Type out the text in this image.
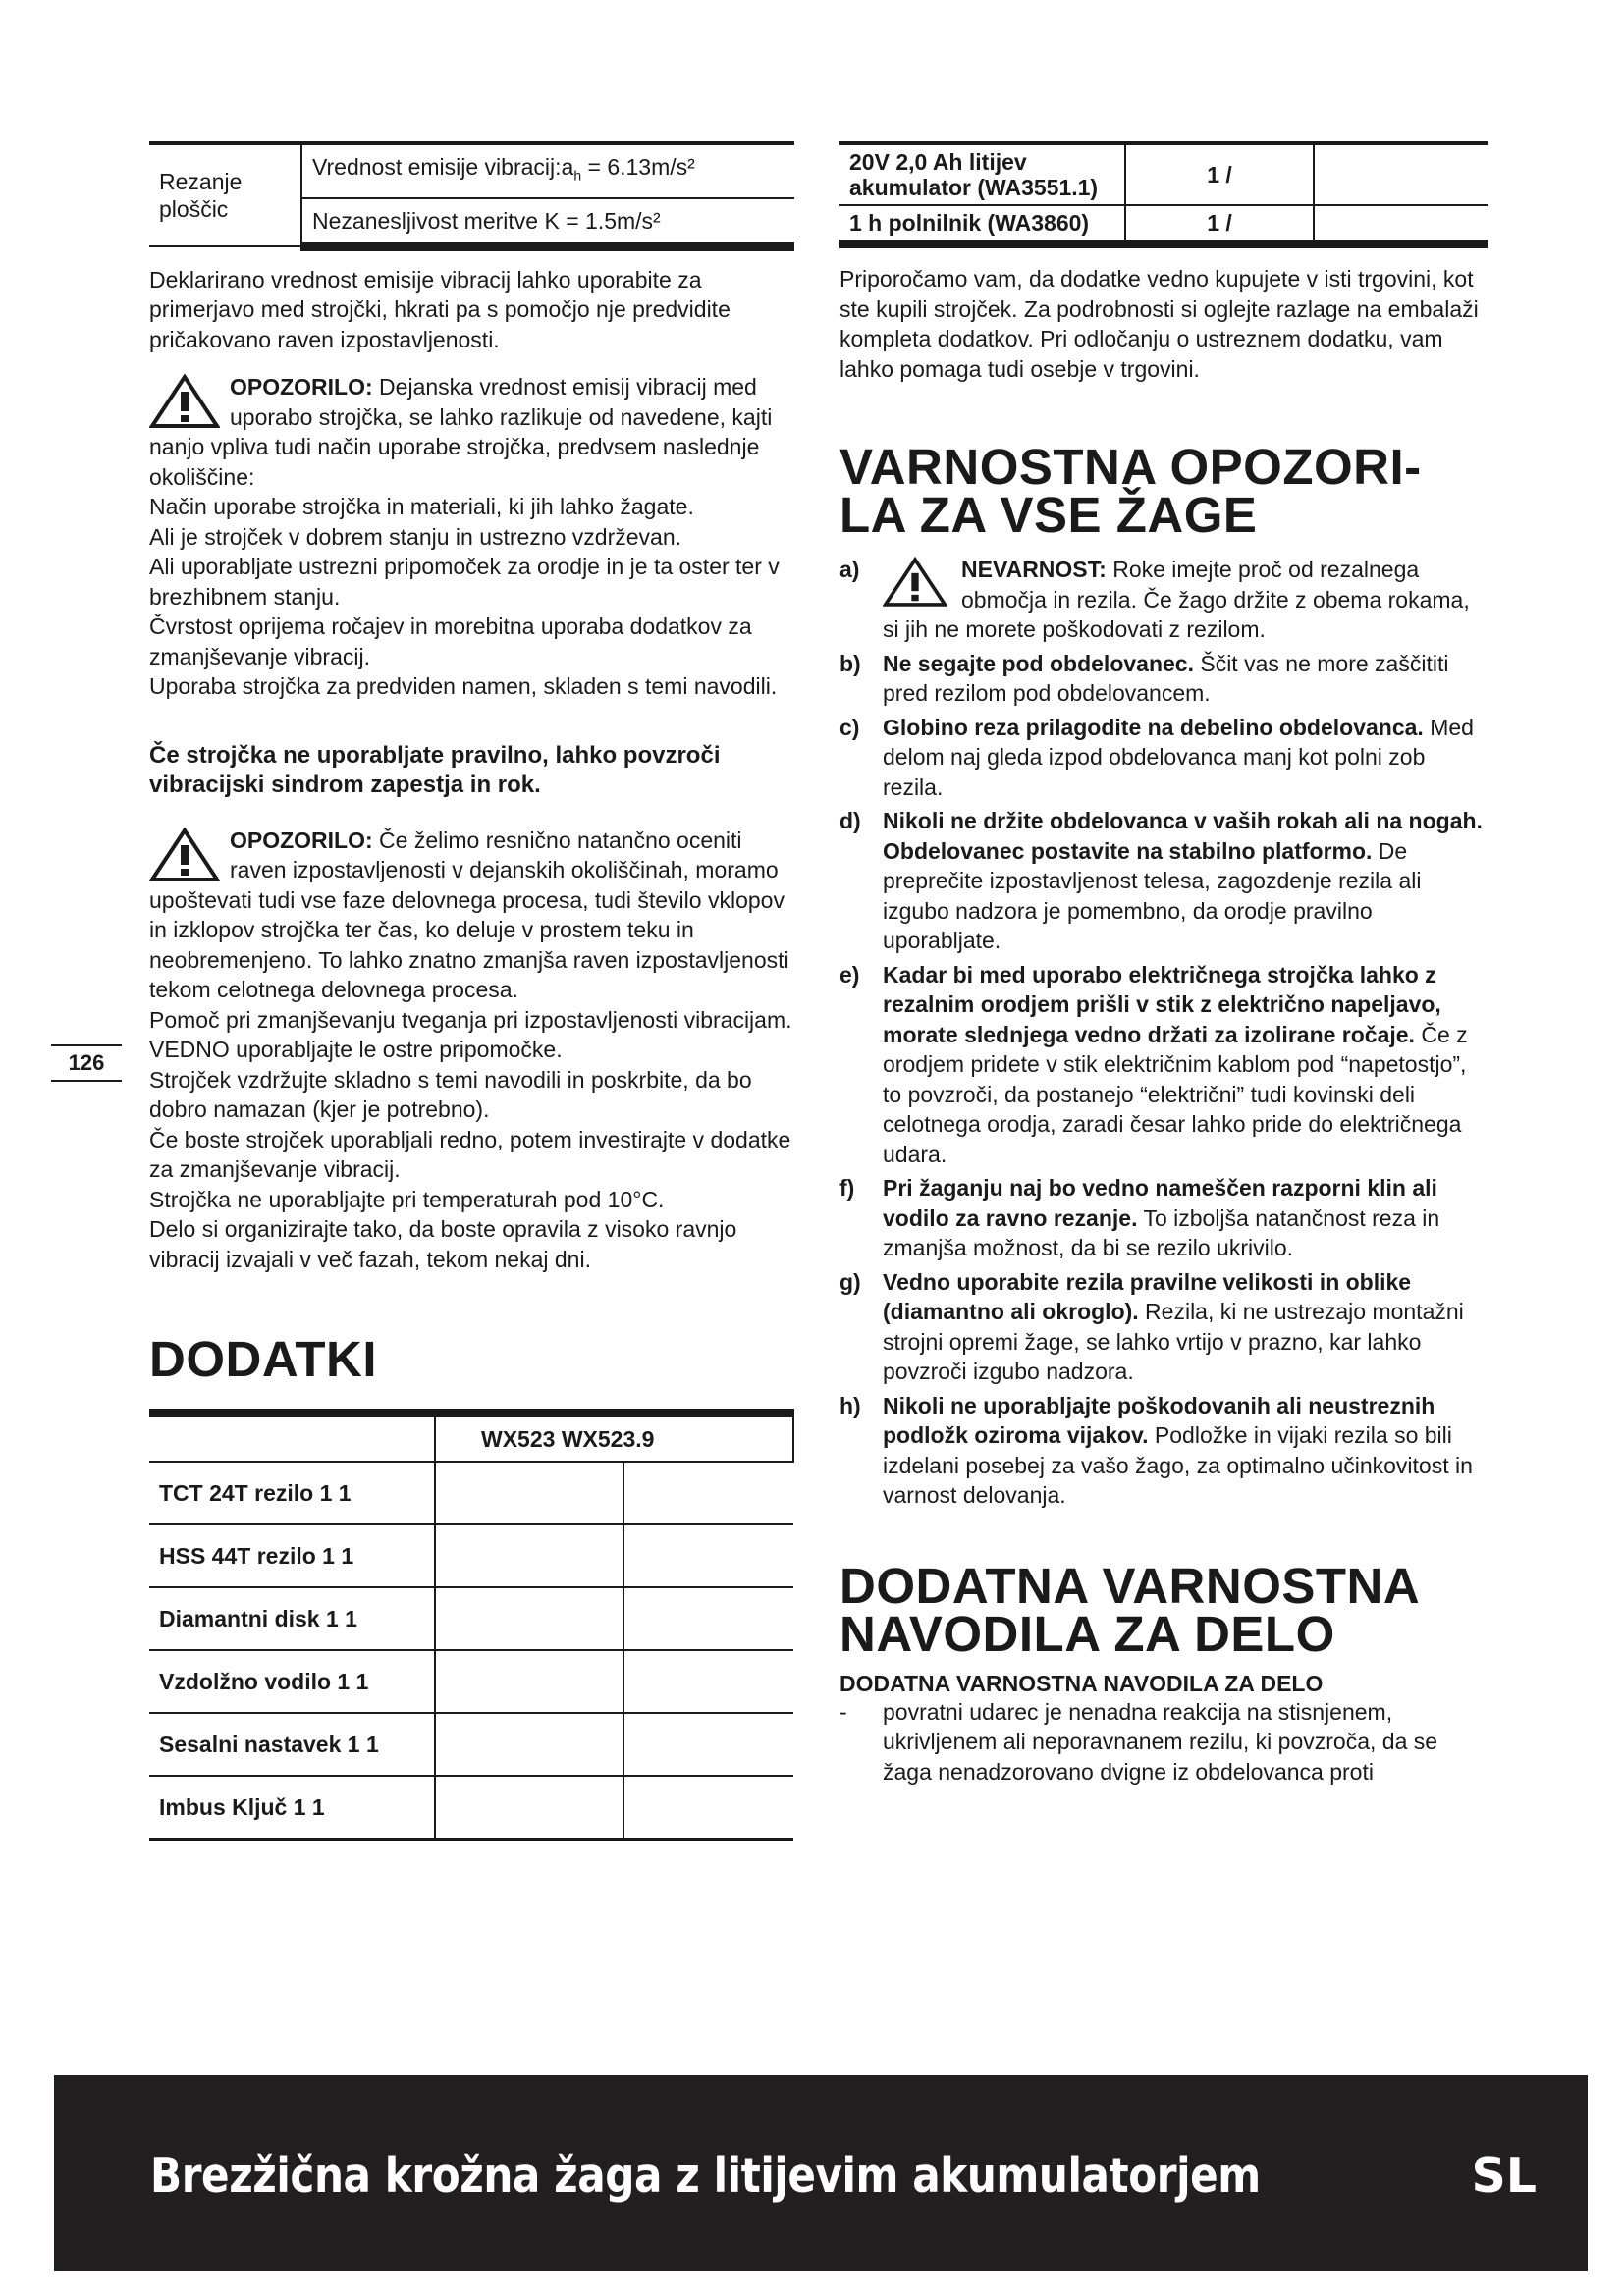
Rezanje ploščic	Vrednost emisije $vibracij:a_h = 6.13m/s^2$
Nezanesljivost meritve K = 1.5m/s²

Deklarirano vrednost emisije vibracij lahko uporabite za primerjavo med strojčki, hkrati pa s pomočjo nje predvidite pričakovano raven izpostavljenosti.

OPOZORILO: Dejanska vrednost emisij vibracij med uporabo strojčka, se lahko razlikuje od navedene, kajti nanjo vpliva tudi način uporabe strojčka, predvsem naslednje okoliščine:

Način uporabe strojčka in materiali, ki jih lahko žagate.

Ali je strojček v dobrem stanju in ustrezno vzdrževan.

Ali uporabljate ustrezni pripomoček za orodje in je ta oster ter v brezhibnem stanju.

Čvrstost oprijema ročajev in morebitna uporaba dodatkov za zmanjševanje vibracij.

Uporaba strojčka za predviden namen, skladen s temi navodili.

Če strojčka ne uporabljate pravilno, lahko povzroči vibracijski sindrom zapestja in rok.

OPOZORILO: Če želimo resnično natančno oceniti raven izpostavljenosti v dejanskih okoliščinah, moramo upoštevati tudi vse faze delovnega procesa, tudi število vklopov in izklopov strojčka ter čas, ko deluje v prostem teku in neobremenjeno. To lahko znatno zmanjša raven izpostavljenosti tekom celotnega delovnega procesa.

Pomoč pri zmanjševanju tveganja pri izpostavljenosti vibracijam.

VEDNO uporabljajte le ostre pripomočke.

Strojček vzdržujte skladno s temi navodili in poskrbite, da bo dobro namazan (kjer je potrebno).

Če boste strojček uporabljali redno, potem investirajte v dodatke za zmanjševanje vibracij.

Strojčka ne uporabljajte pri temperaturah pod 10°C.

Delo si organizirajte tako, da boste opravila z visoko ravnjo vibracij izvajali v več fazah, tekom nekaj dni.

DODATKI
	WX523 WX523.9	
TCT 24T rezilo 1 1		
HSS 44T rezilo 1 1		
Diamantni disk 1 1		
Vzdolžno vodilo 1 1		
Sesalni nastavek 1 1		
Imbus Ključ 1 1		
20V 2,0 Ah litijev akumulator (WA3551.1)	1 /	
1 h polnilnik (WA3860)	1 /	

Priporočamo vam, da dodatke vedno kupujete v isti trgovini, kot ste kupili strojček. Za podrobnosti si oglejte razlage na embalaži kompleta dodatkov. Pri odločanju o ustreznem dodatku, vam lahko pomaga tudi osebje v trgovini.

VARNOSTNA OPOZORI-
LA ZA VSE ŽAGE
a)	NEVARNOST: Roke imejte proč od rezalnega območja in rezila. Če žago držite z obema rokama, si jih ne morete poškodovati z rezilom.

b) Ne segajte pod obdelovanec. Ščit vas ne more zaščititi pred rezilom pod obdelovancem.

c) Globino reza prilagodite na debelino obdelovanca. Med delom naj gleda izpod obdelovanca manj kot polni zob rezila.

d) Nikoli ne držite obdelovanca v vaših rokah ali na nogah. Obdelovanec postavite na stabilno platformo. De preprečite izpostavljenost telesa, zagozdenje rezila ali izgubo nadzora je pomembno, da orodje pravilno uporabljate.

e) Kadar bi med uporabo električnega strojčka lahko z rezalnim orodjem prišli v stik z električno napeljavo, morate slednjega vedno držati za izolirane ročaje. Če z orodjem pridete v stik električnim kablom pod “napetostjo”, to povzroči, da postanejo “električni” tudi kovinski deli celotnega orodja, zaradi česar lahko pride do električnega udara.

f) Pri žaganju naj bo vedno nameščen razporni klin ali vodilo za ravno rezanje. To izboljša natančnost reza in zmanjša možnost, da bi se rezilo ukrivilo.

g) Vedno uporabite rezila pravilne velikosti in oblike (diamantno ali okroglo). Rezila, ki ne ustrezajo montažni strojni opremi žage, se lahko vrtijo v prazno, kar lahko povzroči izgubo nadzora.

h) Nikoli ne uporabljajte poškodovanih ali neustreznih podložk oziroma vijakov. Podložke in vijaki rezila so bili izdelani posebej za vašo žago, za optimalno učinkovitost in varnost delovanja.

DODATNA VARNOSTNA
NAVODILA ZA DELO

DODATNA VARNOSTNA NAVODILA ZA DELO

- povratni udarec je nenadna reakcija na stisnjenem, ukrivljenem ali neporavnanem rezilu, ki povzroča, da se žaga nenadzorovano dvigne iz obdelovanca proti

126
Brezžična krožna žaga z litijevim akumulatorjem	SL
